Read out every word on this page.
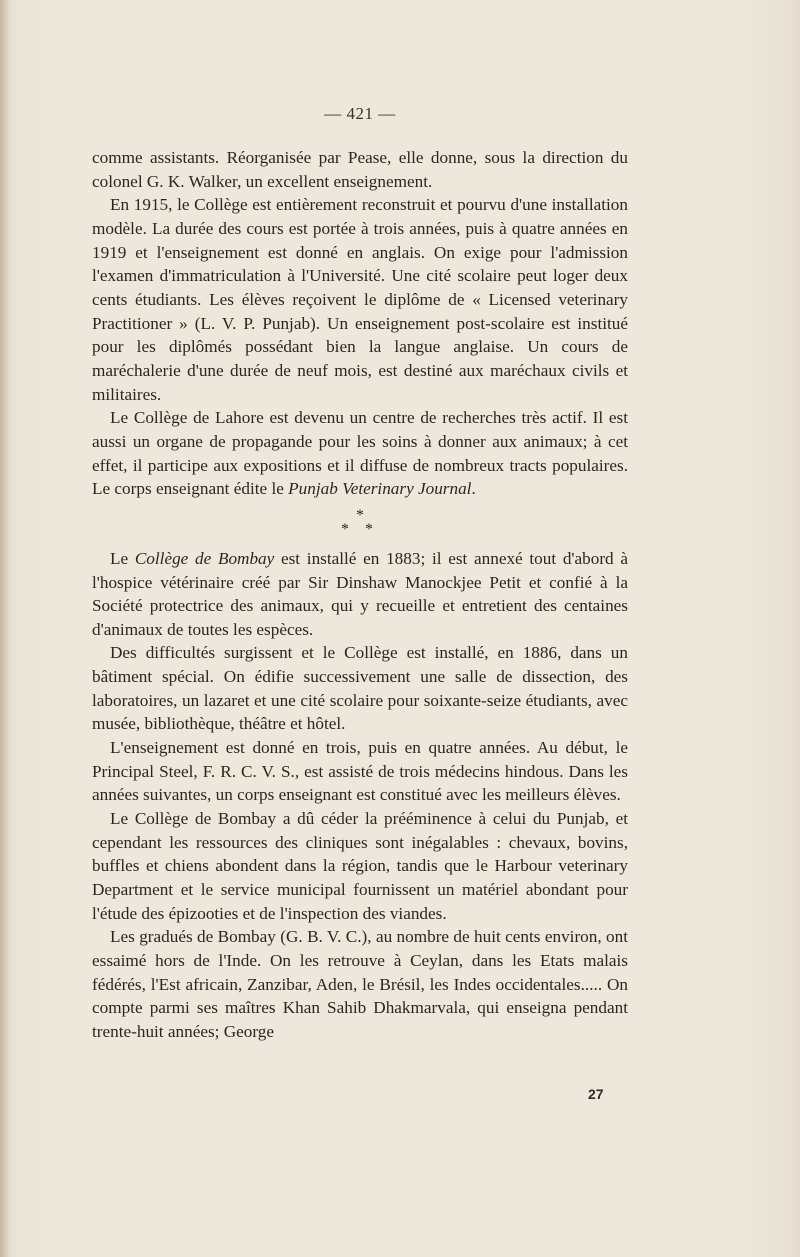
— 421 —

comme assistants. Réorganisée par Pease, elle donne, sous la direction du colonel G. K. Walker, un excellent enseignement.

En 1915, le Collège est entièrement reconstruit et pourvu d'une installation modèle. La durée des cours est portée à trois années, puis à quatre années en 1919 et l'enseignement est donné en anglais. On exige pour l'admission l'examen d'immatriculation à l'Université. Une cité scolaire peut loger deux cents étudiants. Les élèves reçoivent le diplôme de « Licensed veterinary Practitioner » (L. V. P. Punjab). Un enseignement post-scolaire est institué pour les diplômés possédant bien la langue anglaise. Un cours de maréchalerie d'une durée de neuf mois, est destiné aux maréchaux civils et militaires.

Le Collège de Lahore est devenu un centre de recherches très actif. Il est aussi un organe de propagande pour les soins à donner aux animaux; à cet effet, il participe aux expositions et il diffuse de nombreux tracts populaires. Le corps enseignant édite le Punjab Veterinary Journal.

*
* *

Le Collège de Bombay est installé en 1883; il est annexé tout d'abord à l'hospice vétérinaire créé par Sir Dinshaw Manockjee Petit et confié à la Société protectrice des animaux, qui y recueille et entretient des centaines d'animaux de toutes les espèces.

Des difficultés surgissent et le Collège est installé, en 1886, dans un bâtiment spécial. On édifie successivement une salle de dissection, des laboratoires, un lazaret et une cité scolaire pour soixante-seize étudiants, avec musée, bibliothèque, théâtre et hôtel.

L'enseignement est donné en trois, puis en quatre années. Au début, le Principal Steel, F. R. C. V. S., est assisté de trois médecins hindous. Dans les années suivantes, un corps enseignant est constitué avec les meilleurs élèves.

Le Collège de Bombay a dû céder la prééminence à celui du Punjab, et cependant les ressources des cliniques sont inégalables : chevaux, bovins, buffles et chiens abondent dans la région, tandis que le Harbour veterinary Department et le service municipal fournissent un matériel abondant pour l'étude des épizooties et de l'inspection des viandes.

Les gradués de Bombay (G. B. V. C.), au nombre de huit cents environ, ont essaimé hors de l'Inde. On les retrouve à Ceylan, dans les Etats malais fédérés, l'Est africain, Zanzibar, Aden, le Brésil, les Indes occidentales..... On compte parmi ses maîtres Khan Sahib Dhakmarvala, qui enseigna pendant trente-huit années; George

27
